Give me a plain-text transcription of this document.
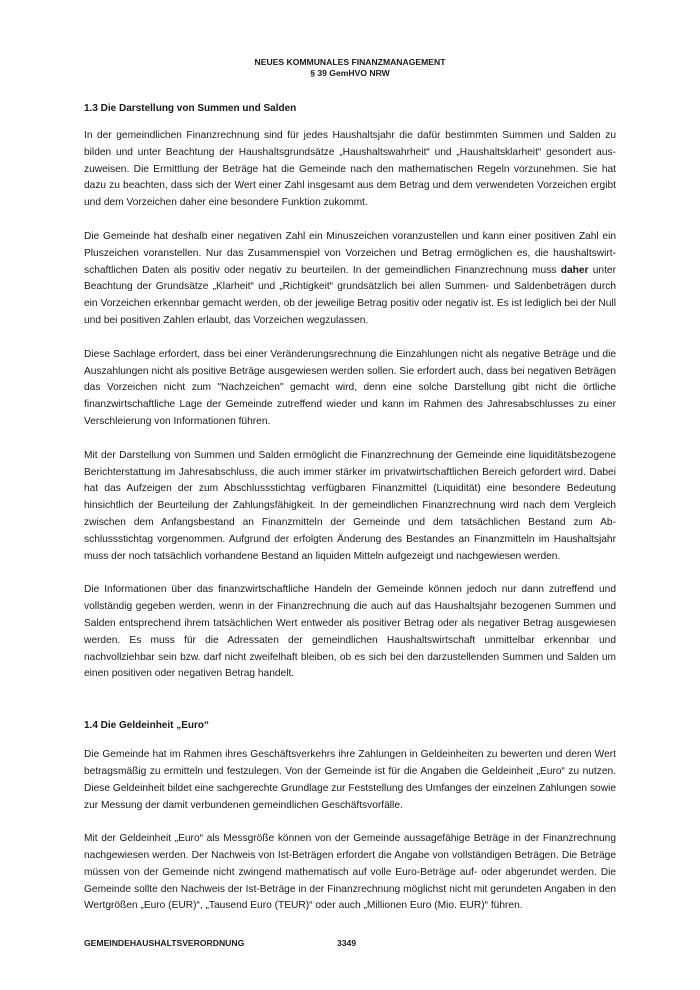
NEUES KOMMUNALES FINANZMANAGEMENT
§ 39 GemHVO NRW
1.3 Die Darstellung von Summen und Salden

In der gemeindlichen Finanzrechnung sind für jedes Haushaltsjahr die dafür bestimmten Summen und Salden zu bilden und unter Beachtung der Haushaltsgrundsätze „Haushaltswahrheit“ und „Haushaltsklarheit“ gesondert auszuweisen. Die Ermittlung der Beträge hat die Gemeinde nach den mathematischen Regeln vorzunehmen. Sie hat dazu zu beachten, dass sich der Wert einer Zahl insgesamt aus dem Betrag und dem verwendeten Vorzeichen ergibt und dem Vorzeichen daher eine besondere Funktion zukommt.

Die Gemeinde hat deshalb einer negativen Zahl ein Minuszeichen voranzustellen und kann einer positiven Zahl ein Pluszeichen voranstellen. Nur das Zusammenspiel von Vorzeichen und Betrag ermöglichen es, die haushaltswirtschaftlichen Daten als positiv oder negativ zu beurteilen. In der gemeindlichen Finanzrechnung muss daher unter Beachtung der Grundsätze „Klarheit“ und „Richtigkeit“ grundsätzlich bei allen Summen- und Saldenbeträgen durch ein Vorzeichen erkennbar gemacht werden, ob der jeweilige Betrag positiv oder negativ ist. Es ist lediglich bei der Null und bei positiven Zahlen erlaubt, das Vorzeichen wegzulassen.

Diese Sachlage erfordert, dass bei einer Veränderungsrechnung die Einzahlungen nicht als negative Beträge und die Auszahlungen nicht als positive Beträge ausgewiesen werden sollen. Sie erfordert auch, dass bei negativen Beträgen das Vorzeichen nicht zum "Nachzeichen" gemacht wird, denn eine solche Darstellung gibt nicht die örtliche finanzwirtschaftliche Lage der Gemeinde zutreffend wieder und kann im Rahmen des Jahresabschlusses zu einer Verschleierung von Informationen führen.

Mit der Darstellung von Summen und Salden ermöglicht die Finanzrechnung der Gemeinde eine liquiditätsbezogene Berichterstattung im Jahresabschluss, die auch immer stärker im privatwirtschaftlichen Bereich gefordert wird. Dabei hat das Aufzeigen der zum Abschlussstichtag verfügbaren Finanzmittel (Liquidität) eine besondere Bedeutung hinsichtlich der Beurteilung der Zahlungsfähigkeit. In der gemeindlichen Finanzrechnung wird nach dem Vergleich zwischen dem Anfangsbestand an Finanzmitteln der Gemeinde und dem tatsächlichen Bestand zum Abschlussstichtag vorgenommen. Aufgrund der erfolgten Änderung des Bestandes an Finanzmitteln im Haushaltsjahr muss der noch tatsächlich vorhandene Bestand an liquiden Mitteln aufgezeigt und nachgewiesen werden.

Die Informationen über das finanzwirtschaftliche Handeln der Gemeinde können jedoch nur dann zutreffend und vollständig gegeben werden, wenn in der Finanzrechnung die auch auf das Haushaltsjahr bezogenen Summen und Salden entsprechend ihrem tatsächlichen Wert entweder als positiver Betrag oder als negativer Betrag ausgewiesen werden. Es muss für die Adressaten der gemeindlichen Haushaltswirtschaft unmittelbar erkennbar und nachvollziehbar sein bzw. darf nicht zweifelhaft bleiben, ob es sich bei den darzustellenden Summen und Salden um einen positiven oder negativen Betrag handelt.

1.4 Die Geldeinheit „Euro“

Die Gemeinde hat im Rahmen ihres Geschäftsverkehrs ihre Zahlungen in Geldeinheiten zu bewerten und deren Wert betragsmäßig zu ermitteln und festzulegen. Von der Gemeinde ist für die Angaben die Geldeinheit „Euro“ zu nutzen. Diese Geldeinheit bildet eine sachgerechte Grundlage zur Feststellung des Umfanges der einzelnen Zahlungen sowie zur Messung der damit verbundenen gemeindlichen Geschäftsvorfälle.

Mit der Geldeinheit „Euro“ als Messgröße können von der Gemeinde aussagefähige Beträge in der Finanzrechnung nachgewiesen werden. Der Nachweis von Ist-Beträgen erfordert die Angabe von vollständigen Beträgen. Die Beträge müssen von der Gemeinde nicht zwingend mathematisch auf volle Euro-Beträge auf- oder abgerundet werden. Die Gemeinde sollte den Nachweis der Ist-Beträge in der Finanzrechnung möglichst nicht mit gerundeten Angaben in den Wertgrößen „Euro (EUR)“, „Tausend Euro (TEUR)“ oder auch „Millionen Euro (Mio. EUR)“ führen.

GEMEINDEHAUSHALTSVERORDNUNG	3349
